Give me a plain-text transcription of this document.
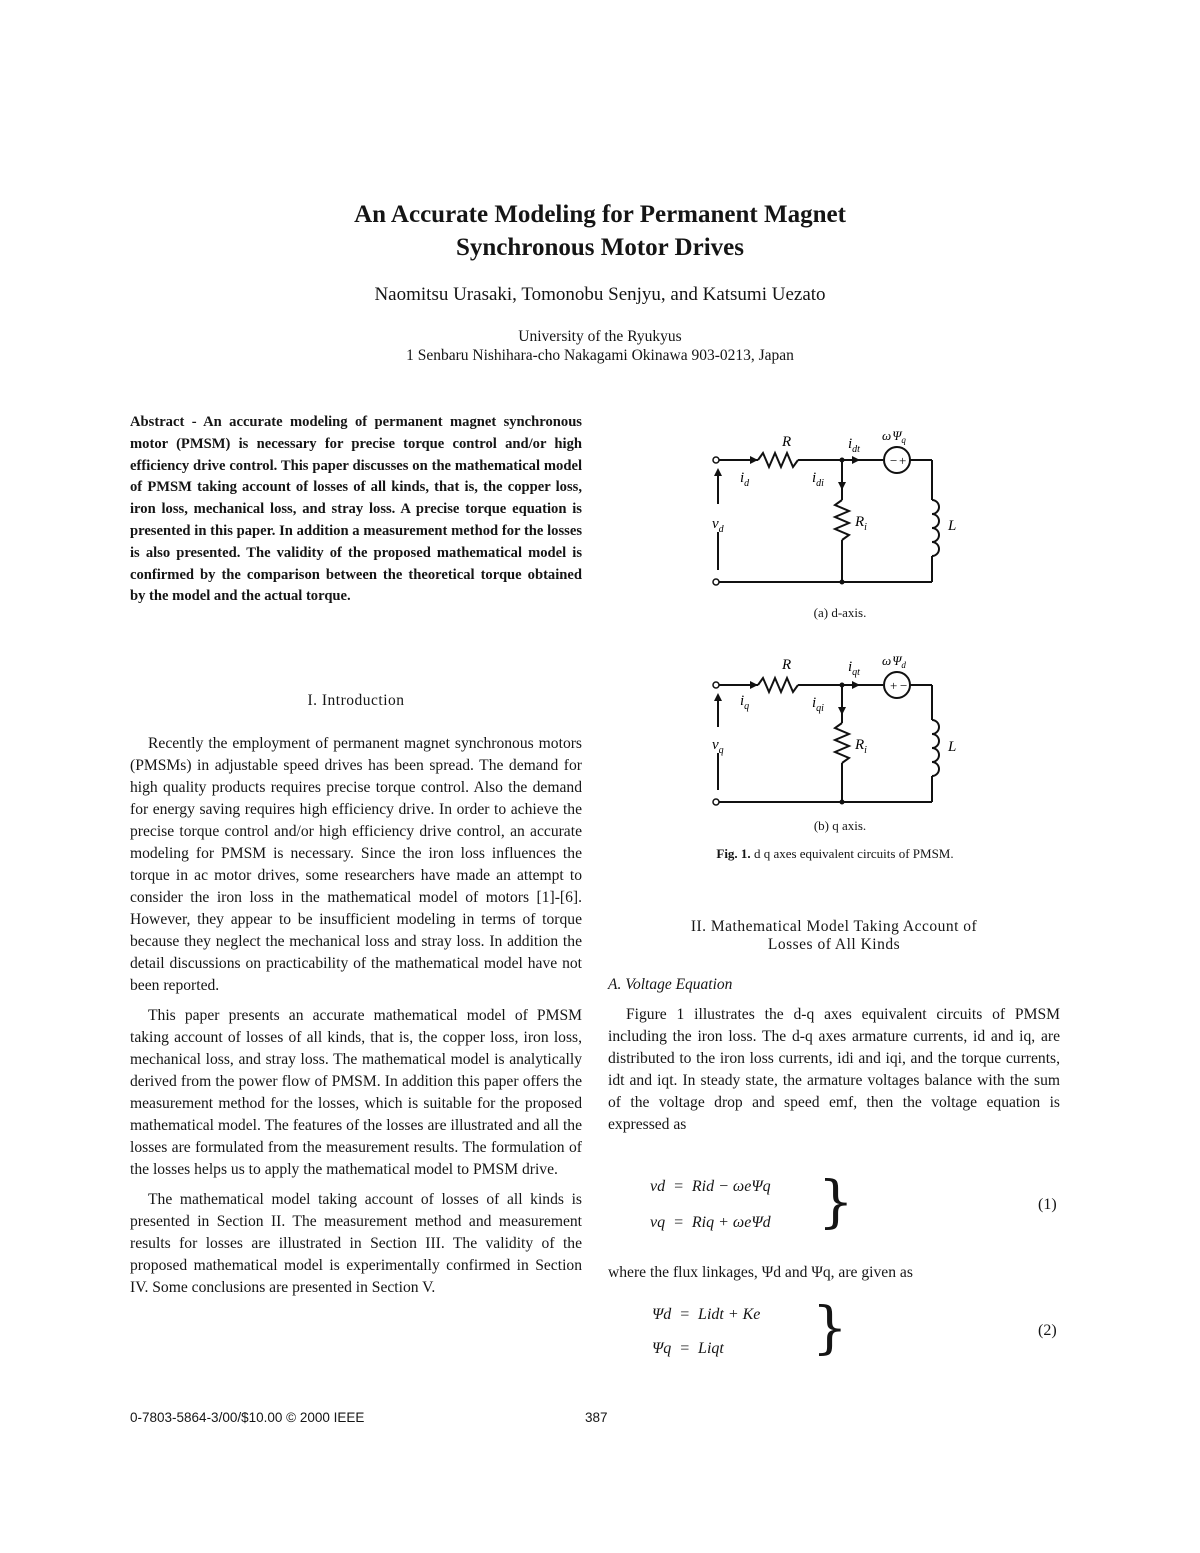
An Accurate Modeling for Permanent Magnet
Synchronous Motor Drives
Naomitsu Urasaki, Tomonobu Senjyu, and Katsumi Uezato
University of the Ryukyus
1 Senbaru Nishihara-cho Nakagami Okinawa 903-0213, Japan
Abstract - An accurate modeling of permanent magnet synchronous motor (PMSM) is necessary for precise torque control and/or high efficiency drive control. This paper discusses on the mathematical model of PMSM taking account of losses of all kinds, that is, the copper loss, iron loss, mechanical loss, and stray loss. A precise torque equation is presented in this paper. In addition a measurement method for the losses is also presented. The validity of the proposed mathematical model is confirmed by the comparison between the theoretical torque obtained by the model and the actual torque.
I. Introduction

Recently the employment of permanent magnet synchronous motors (PMSMs) in adjustable speed drives has been spread. The demand for high quality products requires precise torque control. Also the demand for energy saving requires high efficiency drive. In order to achieve the precise torque control and/or high efficiency drive control, an accurate modeling for PMSM is necessary. Since the iron loss influences the torque in ac motor drives, some researchers have made an attempt to consider the iron loss in the mathematical model of motors [1]-[6]. However, they appear to be insufficient modeling in terms of torque because they neglect the mechanical loss and stray loss. In addition the detail discussions on practicability of the mathematical model have not been reported.

This paper presents an accurate mathematical model of PMSM taking account of losses of all kinds, that is, the copper loss, iron loss, mechanical loss, and stray loss. The mathematical model is analytically derived from the power flow of PMSM. In addition this paper offers the measurement method for the losses, which is suitable for the proposed mathematical model. The features of the losses are illustrated and all the losses are formulated from the measurement results. The formulation of the losses helps us to apply the mathematical model to PMSM drive.

The mathematical model taking account of losses of all kinds is presented in Section II. The measurement method and measurement results for losses are illustrated in Section III. The validity of the proposed mathematical model is experimentally confirmed in Section IV. Some conclusions are presented in Section V.

− +
R
$i_d$	$i_{di}$
$i_{dt}$
$R_i$	L
$v_d$
$\omega\Psi_q$
(a) d-axis.
+ −
R
$i_q$	$i_{qi}$
$i_{qt}$
$R_i$	L
$v_q$
$\omega\Psi_d$
(b) q axis.
Fig. 1. d q axes equivalent circuits of PMSM.
II. Mathematical Model Taking Account of
Losses of All Kinds
A. Voltage Equation

Figure 1 illustrates the d-q axes equivalent circuits of PMSM including the iron loss. The d-q axes armature currents, id and iq, are distributed to the iron loss currents, idi and iqi, and the torque currents, idt and iqt. In steady state, the armature voltages balance with the sum of the voltage drop and speed emf, then the voltage equation is expressed as

vd  =  Rid − ωeΨq
vq  =  Riq + ωeΨd }	(1)
where the flux linkages, Ψd and Ψq, are given as
Ψd  =  Lidt + Ke
Ψq  =  Liqt }	(2)
0-7803-5864-3/00/$10.00 © 2000 IEEE	387
